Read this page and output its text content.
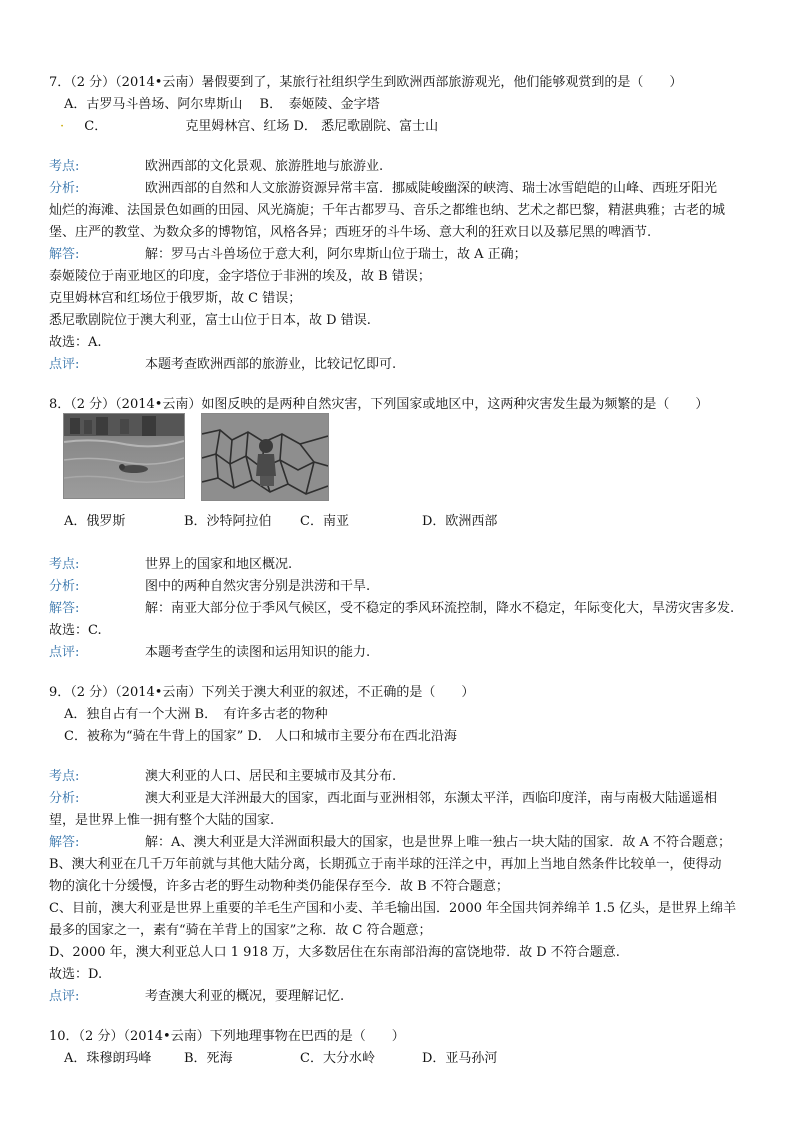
7．（2 分）（2014•云南）暑假要到了，某旅行社组织学生到欧洲西部旅游观光，他们能够观赏到的是（　　）
A．古罗马斗兽场、阿尔卑斯山　 B．　泰姬陵、金字塔
· C．	克里姆林宫、红场 D． 悉尼歌剧院、富士山
考点:	欧洲西部的文化景观、旅游胜地与旅游业.
分析:	欧洲西部的自然和人文旅游资源异常丰富．挪威陡峻幽深的峡湾、瑞士冰雪皑皑的山峰、西班牙阳光
灿烂的海滩、法国景色如画的田园、风光旖旎；千年古都罗马、音乐之都维也纳、艺术之都巴黎，精湛典雅；古老的城
堡、庄严的教堂、为数众多的博物馆，风格各异；西班牙的斗牛场、意大利的狂欢日以及慕尼黑的啤酒节.
解答:	解：罗马古斗兽场位于意大利，阿尔卑斯山位于瑞士，故 A 正确；
泰姬陵位于南亚地区的印度，金字塔位于非洲的埃及，故 B 错误；
克里姆林宫和红场位于俄罗斯，故 C 错误；
悉尼歌剧院位于澳大利亚，富士山位于日本，故 D 错误.
故选：A.
点评:	本题考查欧洲西部的旅游业，比较记忆即可.
8．（2 分）（2014•云南）如图反映的是两种自然灾害，下列国家或地区中，这两种灾害发生最为频繁的是（　　）
A．俄罗斯	B．沙特阿拉伯 C．南亚	D．欧洲西部
考点:	世界上的国家和地区概况.
分析:	图中的两种自然灾害分别是洪涝和干旱.
解答:	解：南亚大部分位于季风气候区，受不稳定的季风环流控制，降水不稳定，年际变化大，旱涝灾害多发.
故选：C.
点评:	本题考查学生的读图和运用知识的能力.
9．（2 分）（2014•云南）下列关于澳大利亚的叙述，不正确的是（　　）
A．独自占有一个大洲 B．　有许多古老的物种
C．被称为“骑在牛背上的国家” D． 人口和城市主要分布在西北沿海
考点:	澳大利亚的人口、居民和主要城市及其分布.
分析:	澳大利亚是大洋洲最大的国家，西北面与亚洲相邻，东濒太平洋，西临印度洋，南与南极大陆遥遥相
望，是世界上惟一拥有整个大陆的国家.
解答:	解：A、澳大利亚是大洋洲面积最大的国家，也是世界上唯一独占一块大陆的国家．故 A 不符合题意；
B、澳大利亚在几千万年前就与其他大陆分离，长期孤立于南半球的汪洋之中，再加上当地自然条件比较单一，使得动
物的演化十分缓慢，许多古老的野生动物种类仍能保存至今．故 B 不符合题意；
C、目前，澳大利亚是世界上重要的羊毛生产国和小麦、羊毛输出国．2000 年全国共饲养绵羊 1.5 亿头，是世界上绵羊
最多的国家之一，素有“骑在羊背上的国家”之称．故 C 符合题意；
D、2000 年，澳大利亚总人口 1 918 万，大多数居住在东南部沿海的富饶地带．故 D 不符合题意.
故选：D.
点评:	考查澳大利亚的概况，要理解记忆.
10．（2 分）（2014•云南）下列地理事物在巴西的是（　　）
A．珠穆朗玛峰	B．死海	C．大分水岭	D．亚马孙河
